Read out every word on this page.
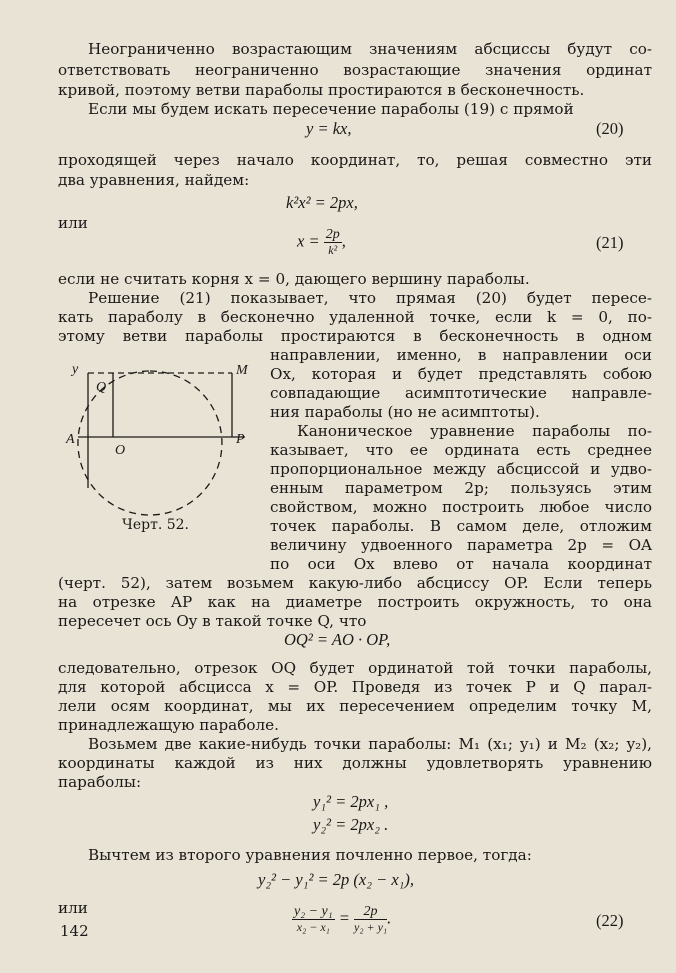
Неограниченно возрастающим значениям абсциссы будут со-
ответствовать неограниченно возрастающие значения ординат
кривой, поэтому ветви параболы простираются в бесконечность.
Если мы будем искать пересечение параболы (19) с прямой
y = kx,	(20)
проходящей через начало координат, то, решая совместно эти
два уравнения, найдем:
k²x² = 2px,
или
$x = \frac{2p}{\text{k²}}$ ,	(21)
если не считать корня x = 0, дающего вершину параболы.
Решение (21) показывает, что прямая (20) будет пересе-
кать параболу в бесконечно удаленной точке, если k = 0, по-
этому ветви параболы простираются в бесконечность в одном
направлении, именно, в направлении оси
Ox, которая и будет представлять собою
совпадающие асимптотические направле-
ния параболы (но не асимптоты).
Каноническое уравнение параболы по-
казывает, что ее ордината есть среднее
пропорциональное между абсциссой и удво-
енным параметром 2p; пользуясь этим
свойством, можно построить любое число
точек параболы. В самом деле, отложим
величину удвоенного параметра 2p = OA
по оси Ox влево от начала координат
y	M
Q
A
O
P
Черт. 52.
(черт. 52), затем возьмем какую-либо абсциссу OP. Если теперь
на отрезке AP как на диаметре построить окружность, то она
пересечет ось Oy в такой точке Q, что
OQ² = AO · OP,
следовательно, отрезок OQ будет ординатой той точки параболы,
для которой абсцисса x = OP. Проведя из точек P и Q парал-
лели осям координат, мы их пересечением определим точку M,
принадлежащую параболе.
Возьмем две какие-нибудь точки параболы: M₁ (x₁; y₁) и M₂ (x₂; y₂),
координаты каждой из них должны удовлетворять уравнению
параболы:
y₁² = 2px₁ ,
y₂² = 2px₂ .
Вычтем из второго уравнения почленно первое, тогда:
y₂² − y₁² = 2p (x₂ − x₁),
или	$\frac{\text{y₂ − y₁}}{\text{x₂ − x₁}} = \frac{2p}{\text{y₂ + y₁}}$ .	(22)
142
